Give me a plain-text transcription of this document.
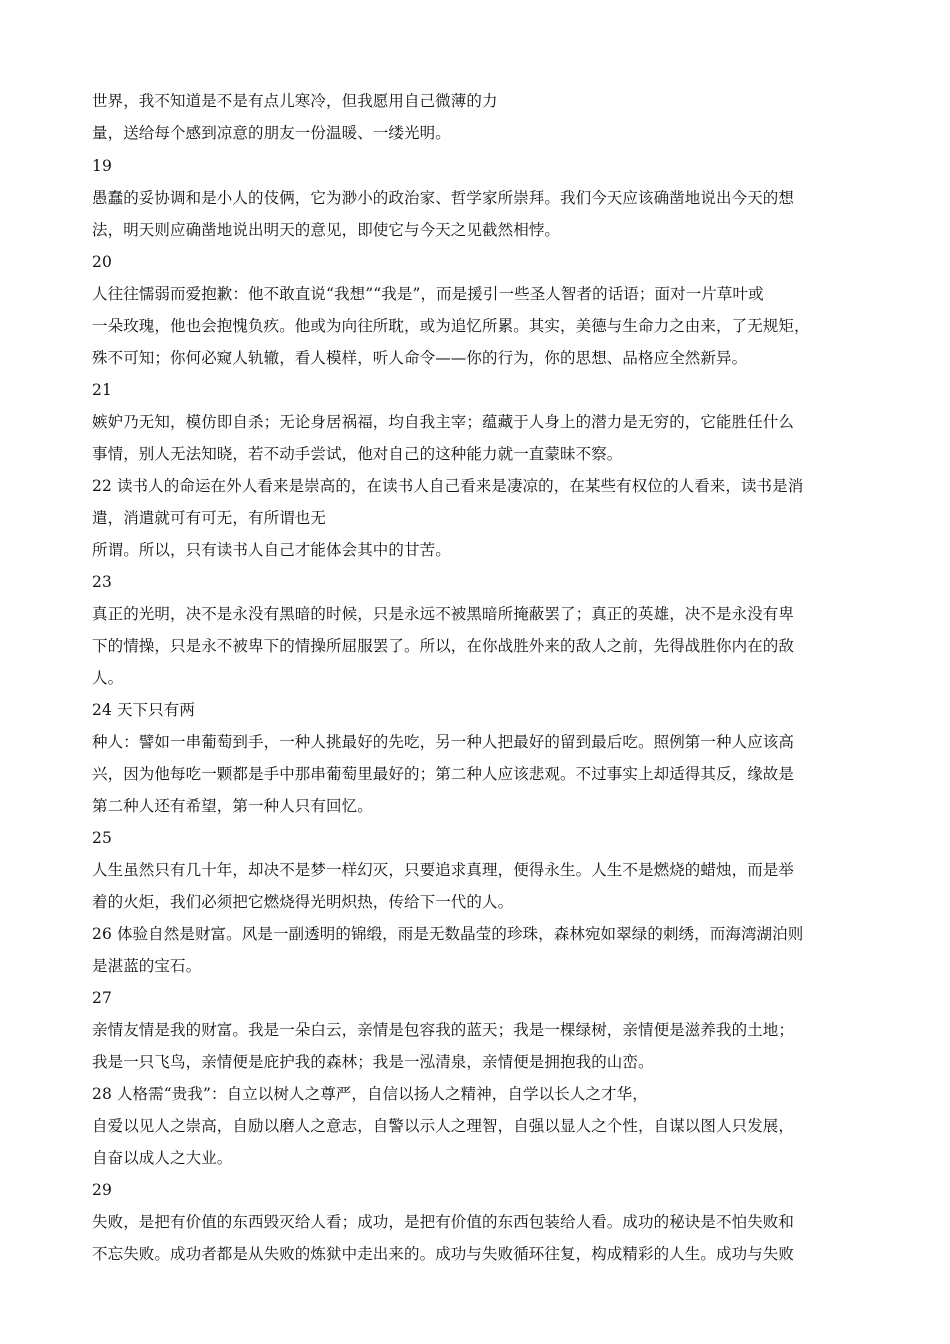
世界，我不知道是不是有点儿寒冷，但我愿用自己微薄的力
量，送给每个感到凉意的朋友一份温暖、一缕光明。
19
愚蠢的妥协调和是小人的伎俩，它为渺小的政治家、哲学家所崇拜。我们今天应该确凿地说出今天的想
法，明天则应确凿地说出明天的意见，即使它与今天之见截然相悖。
20
人往往懦弱而爱抱歉：他不敢直说“我想”“我是”，而是援引一些圣人智者的话语；面对一片草叶或
一朵玫瑰，他也会抱愧负疚。他或为向往所耽，或为追忆所累。其实，美德与生命力之由来，了无规矩，
殊不可知；你何必窥人轨辙，看人模样，听人命令——你的行为，你的思想、品格应全然新异。
21
嫉妒乃无知，模仿即自杀；无论身居祸福，均自我主宰；蕴藏于人身上的潜力是无穷的，它能胜任什么
事情，别人无法知晓，若不动手尝试，他对自己的这种能力就一直蒙昧不察。
22 读书人的命运在外人看来是崇高的，在读书人自己看来是凄凉的，在某些有权位的人看来，读书是消
遣，消遣就可有可无，有所谓也无
所谓。所以，只有读书人自己才能体会其中的甘苦。
23
真正的光明，决不是永没有黑暗的时候，只是永远不被黑暗所掩蔽罢了；真正的英雄，决不是永没有卑
下的情操，只是永不被卑下的情操所屈服罢了。所以，在你战胜外来的敌人之前，先得战胜你内在的敌
人。
24 天下只有两
种人：譬如一串葡萄到手，一种人挑最好的先吃，另一种人把最好的留到最后吃。照例第一种人应该高
兴，因为他每吃一颗都是手中那串葡萄里最好的；第二种人应该悲观。不过事实上却适得其反，缘故是
第二种人还有希望，第一种人只有回忆。
25
人生虽然只有几十年，却决不是梦一样幻灭，只要追求真理，便得永生。人生不是燃烧的蜡烛，而是举
着的火炬，我们必须把它燃烧得光明炽热，传给下一代的人。
26 体验自然是财富。风是一副透明的锦缎，雨是无数晶莹的珍珠，森林宛如翠绿的刺绣，而海湾湖泊则
是湛蓝的宝石。
27
亲情友情是我的财富。我是一朵白云，亲情是包容我的蓝天；我是一棵绿树，亲情便是滋养我的土地；
我是一只飞鸟，亲情便是庇护我的森林；我是一泓清泉，亲情便是拥抱我的山峦。
28 人格需“贵我”：自立以树人之尊严，自信以扬人之精神，自学以长人之才华，
自爱以见人之崇高，自励以磨人之意志，自警以示人之理智，自强以显人之个性，自谋以图人只发展，
自奋以成人之大业。
29
失败，是把有价值的东西毁灭给人看；成功，是把有价值的东西包装给人看。成功的秘诀是不怕失败和
不忘失败。成功者都是从失败的炼狱中走出来的。成功与失败循环往复，构成精彩的人生。成功与失败
